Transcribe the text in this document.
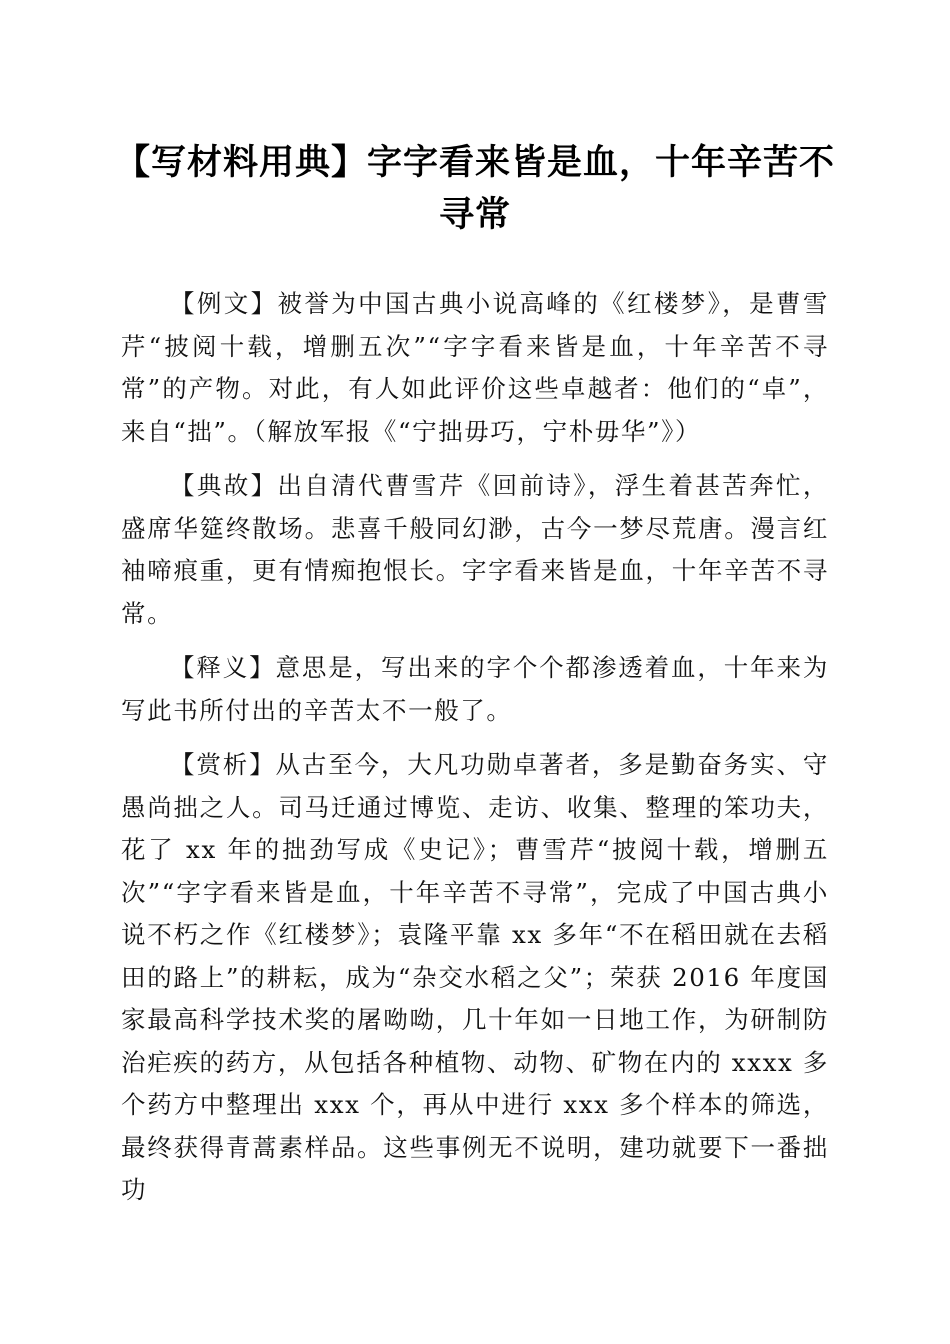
【写材料用典】字字看来皆是血，十年辛苦不寻常

【例文】被誉为中国古典小说高峰的《红楼梦》，是曹雪芹“披阅十载，增删五次”“字字看来皆是血，十年辛苦不寻常”的产物。对此，有人如此评价这些卓越者：他们的“卓”，来自“拙”。（解放军报《“宁拙毋巧，宁朴毋华”》）

【典故】出自清代曹雪芹《回前诗》，浮生着甚苦奔忙，盛席华筵终散场。悲喜千般同幻渺，古今一梦尽荒唐。漫言红袖啼痕重，更有情痴抱恨长。字字看来皆是血，十年辛苦不寻常。

【释义】意思是，写出来的字个个都渗透着血，十年来为写此书所付出的辛苦太不一般了。

【赏析】从古至今，大凡功勋卓著者，多是勤奋务实、守愚尚拙之人。司马迁通过博览、走访、收集、整理的笨功夫，花了 xx 年的拙劲写成《史记》；曹雪芹“披阅十载，增删五次”“字字看来皆是血，十年辛苦不寻常”，完成了中国古典小说不朽之作《红楼梦》；袁隆平靠 xx 多年“不在稻田就在去稻田的路上”的耕耘，成为“杂交水稻之父”；荣获 2016 年度国家最高科学技术奖的屠呦呦，几十年如一日地工作，为研制防治疟疾的药方，从包括各种植物、动物、矿物在内的 xxxx 多个药方中整理出 xxx 个，再从中进行 xxx 多个样本的筛选，最终获得青蒿素样品。这些事例无不说明，建功就要下一番拙功
